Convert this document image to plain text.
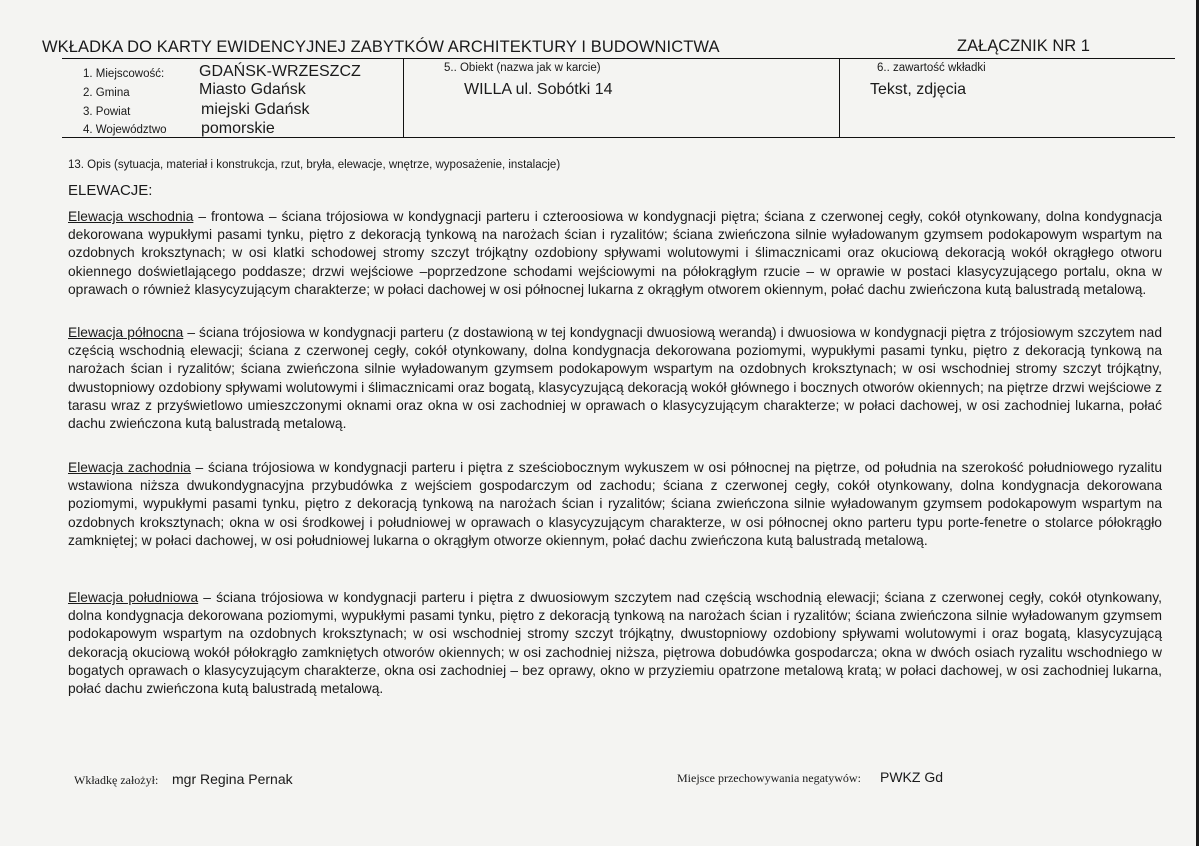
WKŁADKA DO KARTY EWIDENCYJNEJ ZABYTKÓW ARCHITEKTURY I BUDOWNICTWA	ZAŁĄCZNIK NR 1
1. Miejscowość: GDAŃSK-WRZESZCZ
2. Gmina	Miasto Gdańsk
3. Powiat	miejski Gdańsk
4. Województwo pomorskie
5.. Obiekt (nazwa jak w karcie)
WILLA ul. Sobótki 14
6.. zawartość wkładki
Tekst, zdjęcia
13. Opis (sytuacja, materiał i konstrukcja, rzut, bryła, elewacje, wnętrze, wyposażenie, instalacje)
ELEWACJE:
Elewacja wschodnia – frontowa – ściana trójosiowa w kondygnacji parteru i czteroosiowa w kondygnacji piętra; ściana z czerwonej cegły, cokół otynkowany, dolna kondygnacja dekorowana wypukłymi pasami tynku, piętro z dekoracją tynkową na narożach ścian i ryzalitów; ściana zwieńczona silnie wyładowanym gzymsem podokapowym wspartym na ozdobnych kroksztynach; w osi klatki schodowej stromy szczyt trójkątny ozdobiony spływami wolutowymi i ślimacznicami oraz okuciową dekoracją wokół okrągłego otworu okiennego doświetlającego poddasze; drzwi wejściowe –poprzedzone schodami wejściowymi na półokrągłym rzucie – w oprawie w postaci klasycyzującego portalu, okna w oprawach o również klasycyzującym charakterze; w połaci dachowej w osi północnej lukarna z okrągłym otworem okiennym, połać dachu zwieńczona kutą balustradą metalową.
Elewacja północna – ściana trójosiowa w kondygnacji parteru (z dostawioną w tej kondygnacji dwuosiową werandą) i dwuosiowa w kondygnacji piętra z trójosiowym szczytem nad częścią wschodnią elewacji; ściana z czerwonej cegły, cokół otynkowany, dolna kondygnacja dekorowana poziomymi, wypukłymi pasami tynku, piętro z dekoracją tynkową na narożach ścian i ryzalitów; ściana zwieńczona silnie wyładowanym gzymsem podokapowym wspartym na ozdobnych kroksztynach; w osi wschodniej stromy szczyt trójkątny, dwustopniowy ozdobiony spływami wolutowymi i ślimacznicami oraz bogatą, klasycyzującą dekoracją wokół głównego i bocznych otworów okiennych; na piętrze drzwi wejściowe z tarasu wraz z przyświetlowo umieszczonymi oknami oraz okna w osi zachodniej w oprawach o klasycyzującym charakterze; w połaci dachowej, w osi zachodniej lukarna, połać dachu zwieńczona kutą balustradą metalową.
Elewacja zachodnia – ściana trójosiowa w kondygnacji parteru i piętra z sześciobocznym wykuszem w osi północnej na piętrze, od południa na szerokość południowego ryzalitu wstawiona niższa dwukondygnacyjna przybudówka z wejściem gospodarczym od zachodu; ściana z czerwonej cegły, cokół otynkowany, dolna kondygnacja dekorowana poziomymi, wypukłymi pasami tynku, piętro z dekoracją tynkową na narożach ścian i ryzalitów; ściana zwieńczona silnie wyładowanym gzymsem podokapowym wspartym na ozdobnych kroksztynach; okna w osi środkowej i południowej w oprawach o klasycyzującym charakterze, w osi północnej okno parteru typu porte-fenetre o stolarce półokrągło zamkniętej; w połaci dachowej, w osi południowej lukarna o okrągłym otworze okiennym, połać dachu zwieńczona kutą balustradą metalową.
Elewacja południowa – ściana trójosiowa w kondygnacji parteru i piętra z dwuosiowym szczytem nad częścią wschodnią elewacji; ściana z czerwonej cegły, cokół otynkowany, dolna kondygnacja dekorowana poziomymi, wypukłymi pasami tynku, piętro z dekoracją tynkową na narożach ścian i ryzalitów; ściana zwieńczona silnie wyładowanym gzymsem podokapowym wspartym na ozdobnych kroksztynach; w osi wschodniej stromy szczyt trójkątny, dwustopniowy ozdobiony spływami wolutowymi i oraz bogatą, klasycyzującą dekoracją okuciową wokół półokrągło zamkniętych otworów okiennych; w osi zachodniej niższa, piętrowa dobudówka gospodarcza; okna w dwóch osiach ryzalitu wschodniego w bogatych oprawach o klasycyzującym charakterze, okna osi zachodniej – bez oprawy, okno w przyziemiu opatrzone metalową kratą; w połaci dachowej, w osi zachodniej lukarna, połać dachu zwieńczona kutą balustradą metalową.
Wkładkę założył: mgr Regina Pernak	Miejsce przechowywania negatywów: PWKZ Gd
